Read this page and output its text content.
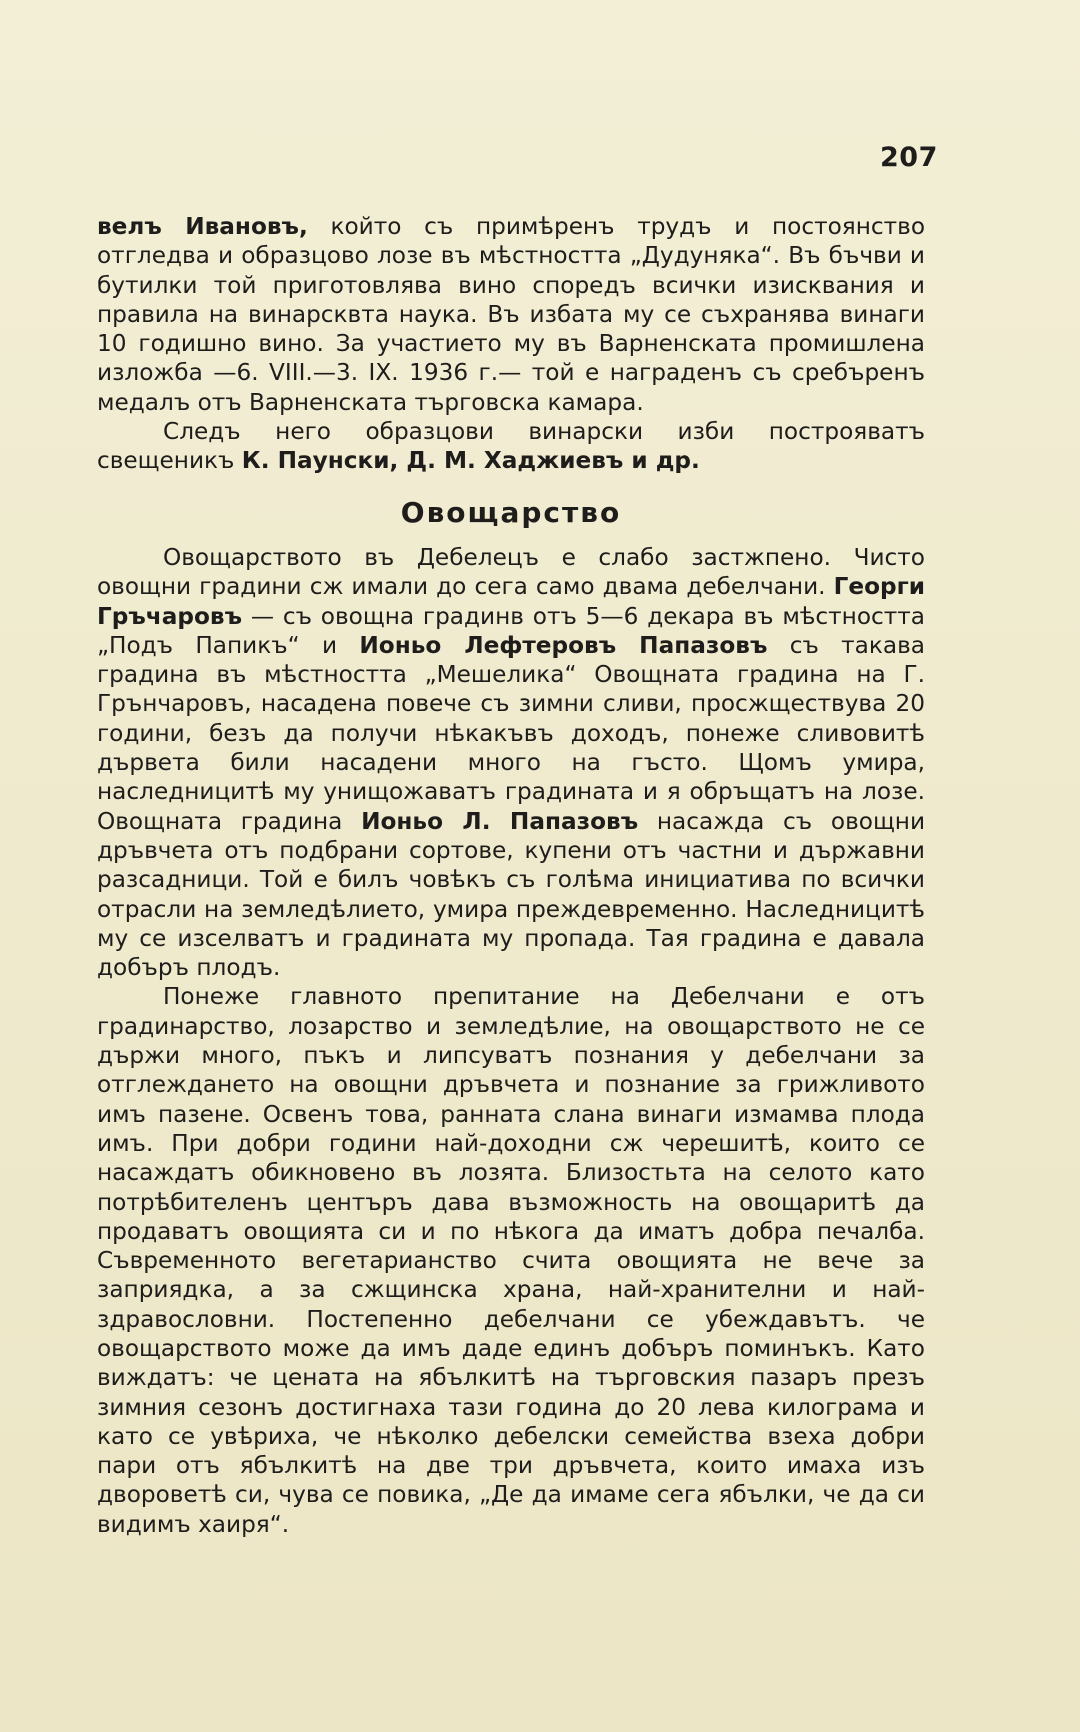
207

велъ Ивановъ, който съ примѣренъ трудъ и постоянство отгледва и образцово лозе въ мѣстността „Дудуняка“. Въ бъчви и бутилки той приготовлява вино споредъ всички изисквания и правила на винарсквта наука. Въ избата му се съхранява винаги 10 годишно вино. За участието му въ Варненската промишлена изложба —6. VIII.—3. IX. 1936 г.— той е награденъ съ сребъренъ медалъ отъ Варненската търговска камара.

Следъ него образцови винарски изби построяватъ свещеникъ К. Паунски, Д. М. Хаджиевъ и др.

Овощарство

Овощарството въ Дебелецъ е слабо застжпено. Чисто овощни градини сж имали до сега само двама дебелчани. Георги Гръчаровъ — съ овощна градинв отъ 5—6 декара въ мѣстността „Подъ Папикъ“ и Ионьо Лефтеровъ Папазовъ съ такава градина въ мѣстността „Мешелика“ Овощната градина на Г. Грънчаровъ, насадена повече съ зимни сливи, просжществува 20 години, безъ да получи нѣкакъвъ доходъ, понеже сливовитѣ дървета били насадени много на гъсто. Щомъ умира, наследницитѣ му унищожаватъ градината и я обръщатъ на лозе. Овощната градина Ионьо Л. Папазовъ насажда съ овощни дръвчета отъ подбрани сортове, купени отъ частни и държавни разсадници. Той е билъ човѣкъ съ голѣма инициатива по всички отрасли на земледѣлието, умира преждевременно. Наследницитѣ му се изселватъ и градината му пропада. Тая градина е давала добъръ плодъ.

Понеже главното препитание на Дебелчани е отъ градинарство, лозарство и земледѣлие, на овощарството не се държи много, пъкъ и липсуватъ познания у дебелчани за отглеждането на овощни дръвчета и познание за грижливото имъ пазене. Освенъ това, ранната слана винаги измамва плода имъ. При добри години най-доходни сж черешитѣ, които се насаждатъ обикновено въ лозята. Близостьта на селото като потрѣбителенъ центъръ дава възможность на овощаритѣ да продаватъ овощията си и по нѣкога да иматъ добра печалба. Съвременното вегетарианство счита овощията не вече за заприядка, а за сжщинска храна, най-хранителни и най-здравословни. Постепенно дебелчани се убеждавътъ. че овощарството може да имъ даде единъ добъръ поминъкъ. Като виждатъ: че цената на ябълкитѣ на търговския пазаръ презъ зимния сезонъ достигнаха тази година до 20 лева килограма и като се увѣриха, че нѣколко дебелски семейства взеха добри пари отъ ябълкитѣ на две три дръвчета, които имаха изъ дворовeтѣ си, чува се повика, „Де да имаме сега ябълки, че да си видимъ хаиря“.
